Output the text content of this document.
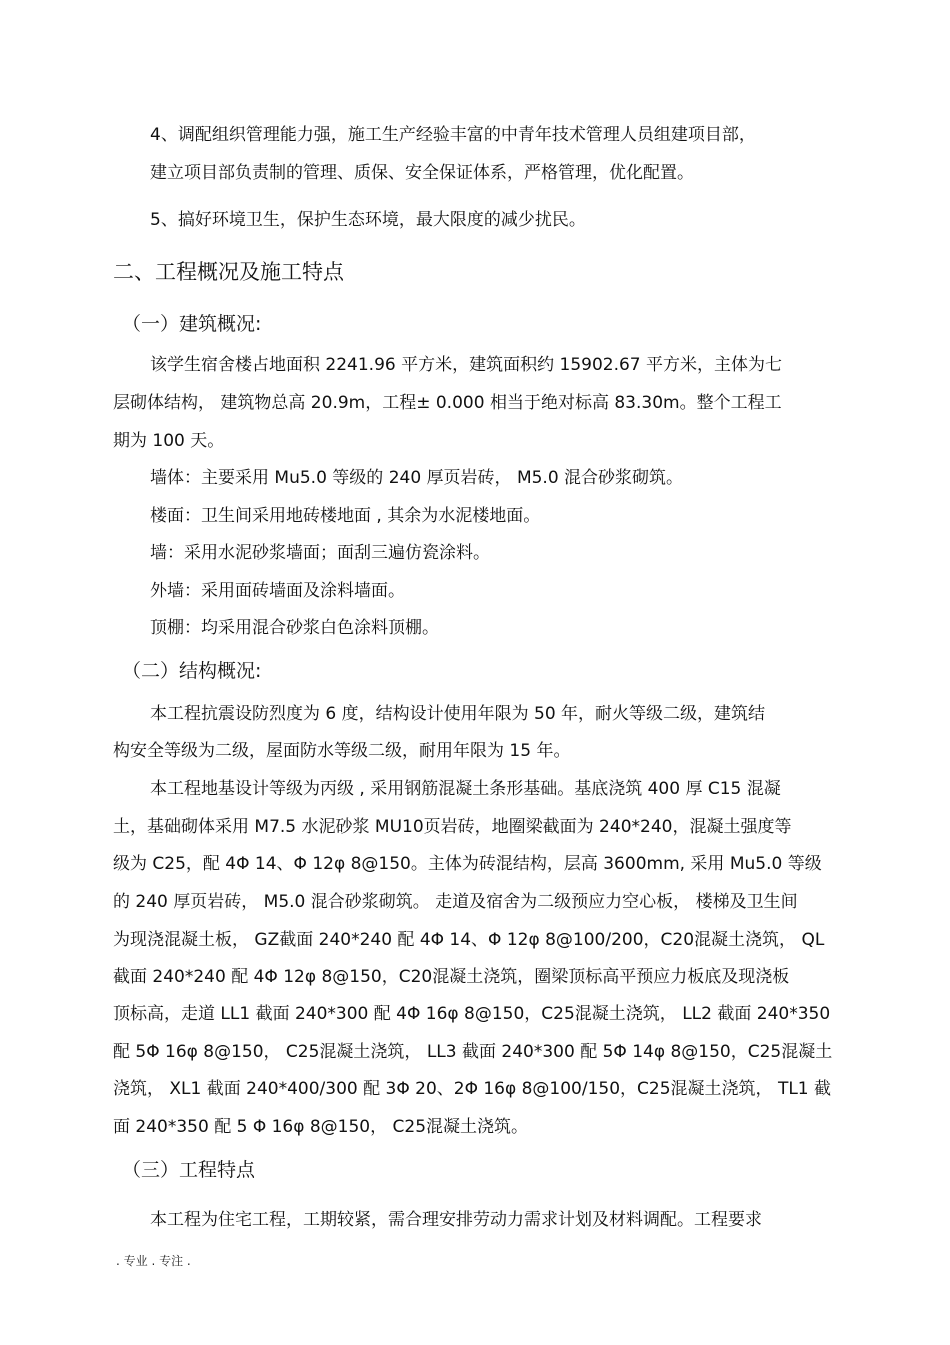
4、调配组织管理能力强，施工生产经验丰富的中青年技术管理人员组建项目部，
建立项目部负责制的管理、质保、安全保证体系，严格管理，优化配置。
5、搞好环境卫生，保护生态环境，最大限度的减少扰民。
二、工程概况及施工特点
（一）建筑概况:
该学生宿舍楼占地面积 2241.96 平方米，建筑面积约 15902.67 平方米，主体为七
层砌体结构， 建筑物总高 20.9m，工程± 0.000 相当于绝对标高 83.30m。整个工程工
期为 100 天。
墙体：主要采用 Mu5.0 等级的 240 厚页岩砖， M5.0 混合砂浆砌筑。
楼面：卫生间采用地砖楼地面 , 其余为水泥楼地面。
墙：采用水泥砂浆墙面；面刮三遍仿瓷涂料。
外墙：采用面砖墙面及涂料墙面。
顶棚：均采用混合砂浆白色涂料顶棚。
（二）结构概况:
本工程抗震设防烈度为 6 度，结构设计使用年限为 50 年，耐火等级二级，建筑结
构安全等级为二级，屋面防水等级二级，耐用年限为 15 年。
本工程地基设计等级为丙级 , 采用钢筋混凝土条形基础。基底浇筑 400 厚 C15 混凝
土，基础砌体采用 M7.5 水泥砂浆 MU10页岩砖，地圈梁截面为 240*240，混凝土强度等
级为 C25，配 4Φ 14、Φ 12φ 8@150。主体为砖混结构，层高 3600mm, 采用 Mu5.0 等级
的 240 厚页岩砖， M5.0 混合砂浆砌筑。 走道及宿舍为二级预应力空心板， 楼梯及卫生间
为现浇混凝土板， GZ截面 240*240 配 4Φ 14、Φ 12φ 8@100/200，C20混凝土浇筑， QL
截面 240*240 配 4Φ 12φ 8@150，C20混凝土浇筑，圈梁顶标高平预应力板底及现浇板
顶标高，走道 LL1 截面 240*300 配 4Φ 16φ 8@150，C25混凝土浇筑， LL2 截面 240*350
配 5Φ 16φ 8@150， C25混凝土浇筑， LL3 截面 240*300 配 5Φ 14φ 8@150，C25混凝土
浇筑， XL1 截面 240*400/300 配 3Φ 20、2Φ 16φ 8@100/150，C25混凝土浇筑， TL1 截
面 240*350 配 5 Φ 16φ 8@150， C25混凝土浇筑。
（三）工程特点
本工程为住宅工程，工期较紧，需合理安排劳动力需求计划及材料调配。工程要求
. 专业 . 专注 .
